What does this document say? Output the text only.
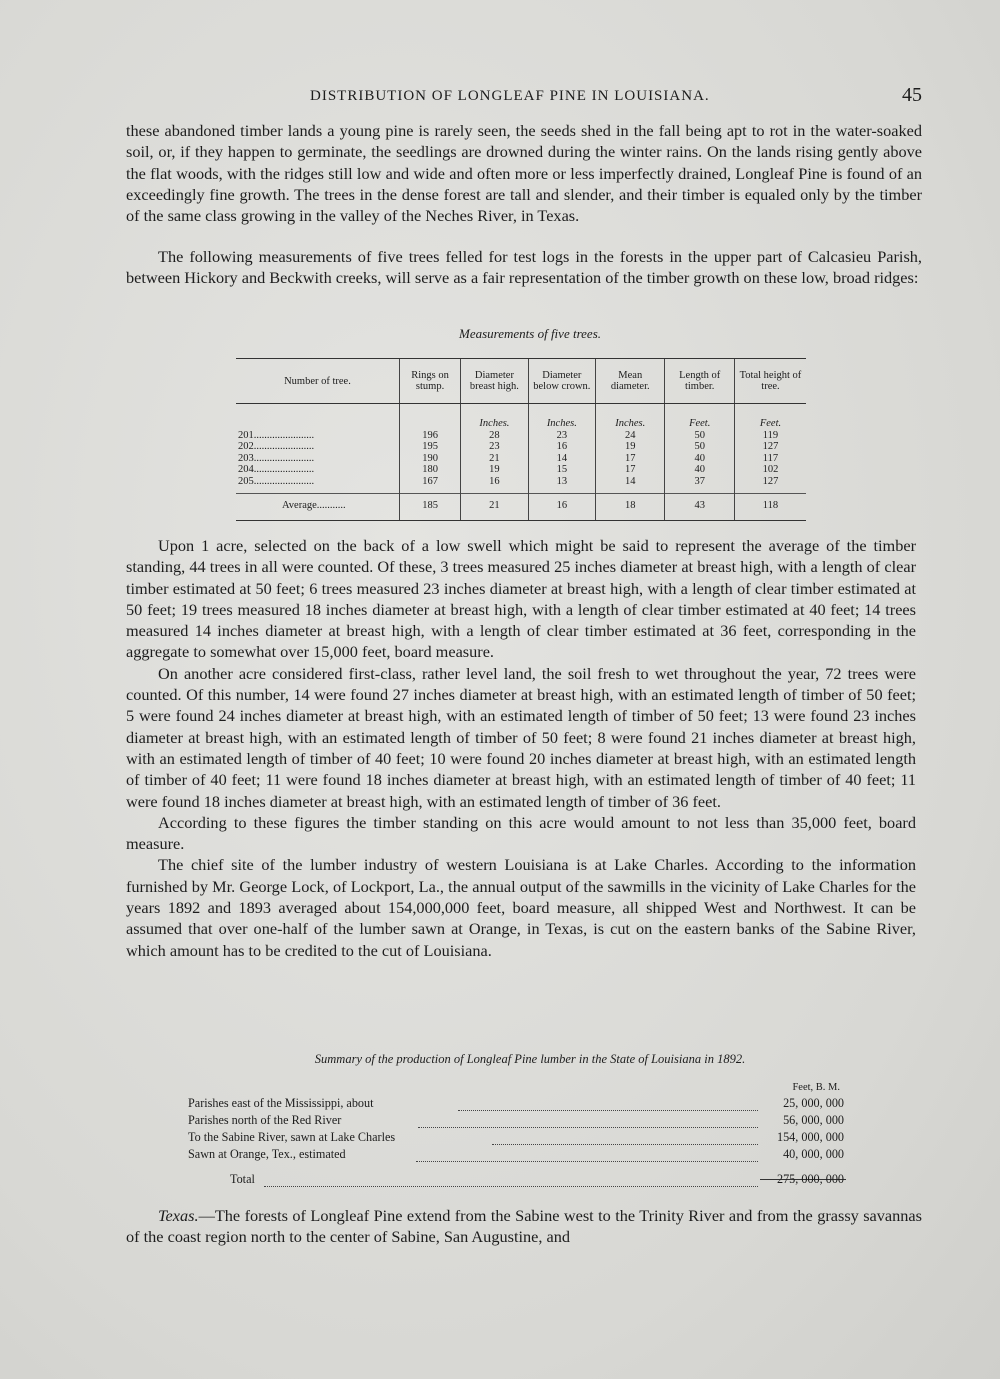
DISTRIBUTION OF LONGLEAF PINE IN LOUISIANA.	45

these abandoned timber lands a young pine is rarely seen, the seeds shed in the fall being apt to rot in the water-soaked soil, or, if they happen to germinate, the seedlings are drowned during the winter rains. On the lands rising gently above the flat woods, with the ridges still low and wide and often more or less imperfectly drained, Longleaf Pine is found of an exceedingly fine growth. The trees in the dense forest are tall and slender, and their timber is equaled only by the timber of the same class growing in the valley of the Neches River, in Texas.

The following measurements of five trees felled for test logs in the forests in the upper part of Calcasieu Parish, between Hickory and Beckwith creeks, will serve as a fair representation of the timber growth on these low, broad ridges:

Measurements of five trees.
Number of tree.	Rings on stump.	Diameter breast high.	Diameter below crown.	Mean diameter.	Length of timber.	Total height of tree.
		Inches.	Inches.	Inches.	Feet.	Feet.
201.......................	196	28	23	24	50	119
202.......................	195	23	16	19	50	127
203.......................	190	21	14	17	40	117
204.......................	180	19	15	17	40	102
205.......................	167	16	13	14	37	127
Average...........	185	21	16	18	43	118

Upon 1 acre, selected on the back of a low swell which might be said to represent the average of the timber standing, 44 trees in all were counted. Of these, 3 trees measured 25 inches diameter at breast high, with a length of clear timber estimated at 50 feet; 6 trees measured 23 inches diameter at breast high, with a length of clear timber estimated at 50 feet; 19 trees measured 18 inches diameter at breast high, with a length of clear timber estimated at 40 feet; 14 trees measured 14 inches diameter at breast high, with a length of clear timber estimated at 36 feet, corresponding in the aggregate to somewhat over 15,000 feet, board measure.

On another acre considered first-class, rather level land, the soil fresh to wet throughout the year, 72 trees were counted. Of this number, 14 were found 27 inches diameter at breast high, with an estimated length of timber of 50 feet; 5 were found 24 inches diameter at breast high, with an estimated length of timber of 50 feet; 13 were found 23 inches diameter at breast high, with an estimated length of timber of 50 feet; 8 were found 21 inches diameter at breast high, with an estimated length of timber of 40 feet; 10 were found 20 inches diameter at breast high, with an estimated length of timber of 40 feet; 11 were found 18 inches diameter at breast high, with an estimated length of timber of 40 feet; 11 were found 18 inches diameter at breast high, with an estimated length of timber of 36 feet.

According to these figures the timber standing on this acre would amount to not less than 35,000 feet, board measure.

The chief site of the lumber industry of western Louisiana is at Lake Charles. According to the information furnished by Mr. George Lock, of Lockport, La., the annual output of the sawmills in the vicinity of Lake Charles for the years 1892 and 1893 averaged about 154,000,000 feet, board measure, all shipped West and Northwest. It can be assumed that over one-half of the lumber sawn at Orange, in Texas, is cut on the eastern banks of the Sabine River, which amount has to be credited to the cut of Louisiana.

Summary of the production of Longleaf Pine lumber in the State of Louisiana in 1892.
Feet, B. M.
Parishes east of the Mississippi, about	25, 000, 000
Parishes north of the Red River	56, 000, 000
To the Sabine River, sawn at Lake Charles	154, 000, 000
Sawn at Orange, Tex., estimated	40, 000, 000
Total	275, 000, 000

Texas.—The forests of Longleaf Pine extend from the Sabine west to the Trinity River and from the grassy savannas of the coast region north to the center of Sabine, San Augustine, and
